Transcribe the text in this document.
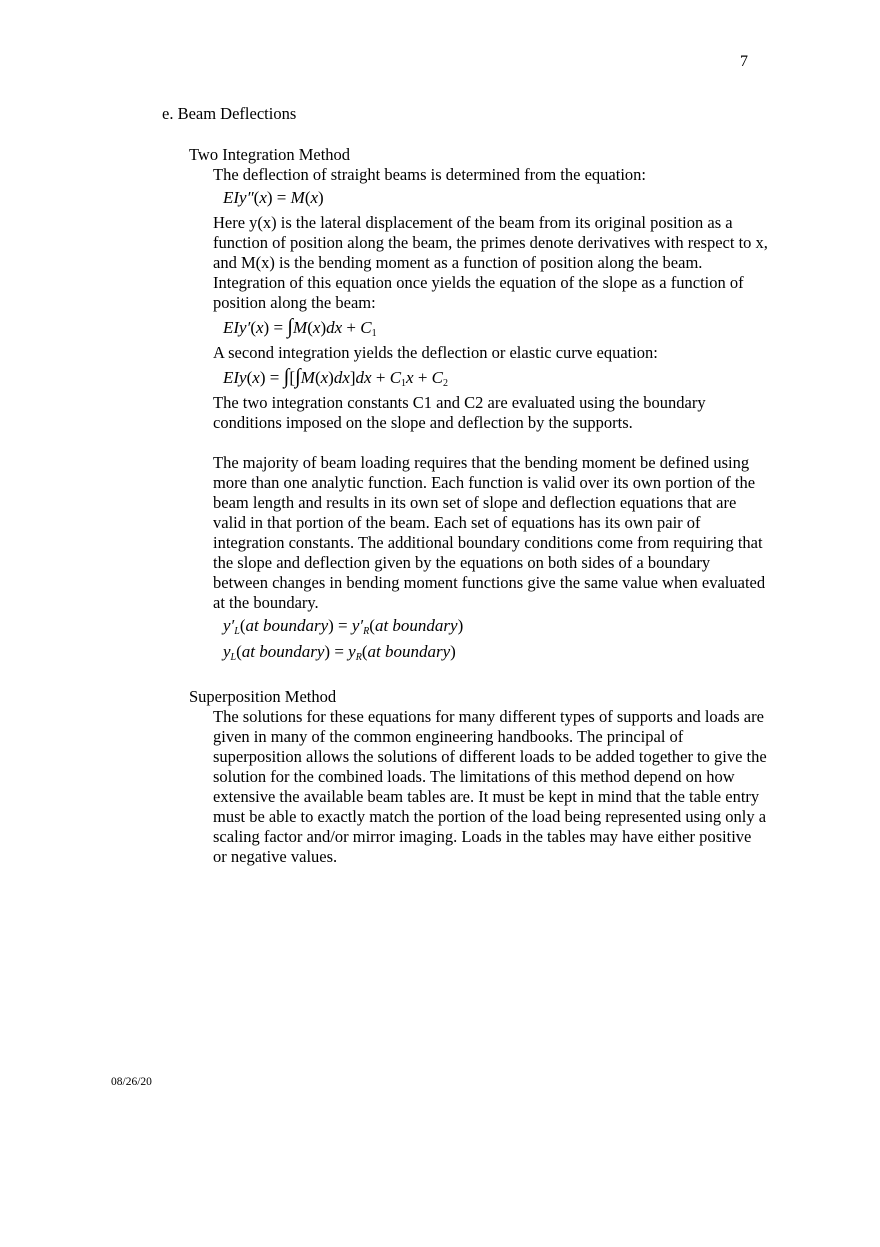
7
e. Beam Deflections

Two Integration Method

The deflection of straight beams is determined from the equation:

EIy″(x) = M(x)

Here y(x) is the lateral displacement of the beam from its original position as a function of position along the beam, the primes denote derivatives with respect to x, and M(x) is the bending moment as a function of position along the beam. Integration of this equation once yields the equation of the slope as a function of position along the beam:

$EIy'(x) = \int M(x)dx + C_1$

A second integration yields the deflection or elastic curve equation:

$EIy(x) = \int[\int M(x)dx]dx + C_1x + C_2$

The two integration constants C1 and C2 are evaluated using the boundary conditions imposed on the slope and deflection by the supports.

The majority of beam loading requires that the bending moment be defined using more than one analytic function. Each function is valid over its own portion of the beam length and results in its own set of slope and deflection equations that are valid in that portion of the beam. Each set of equations has its own pair of integration constants. The additional boundary conditions come from requiring that the slope and deflection given by the equations on both sides of a boundary between changes in bending moment functions give the same value when evaluated at the boundary.

$y'_L(at$ boundary) = $y'_R(at$ boundary)
$y_L(at$ boundary) = $y_R(at$ boundary)

Superposition Method

The solutions for these equations for many different types of supports and loads are given in many of the common engineering handbooks. The principal of superposition allows the solutions of different loads to be added together to give the solution for the combined loads. The limitations of this method depend on how extensive the available beam tables are. It must be kept in mind that the table entry must be able to exactly match the portion of the load being represented using only a scaling factor and/or mirror imaging. Loads in the tables may have either positive or negative values.

08/26/20
